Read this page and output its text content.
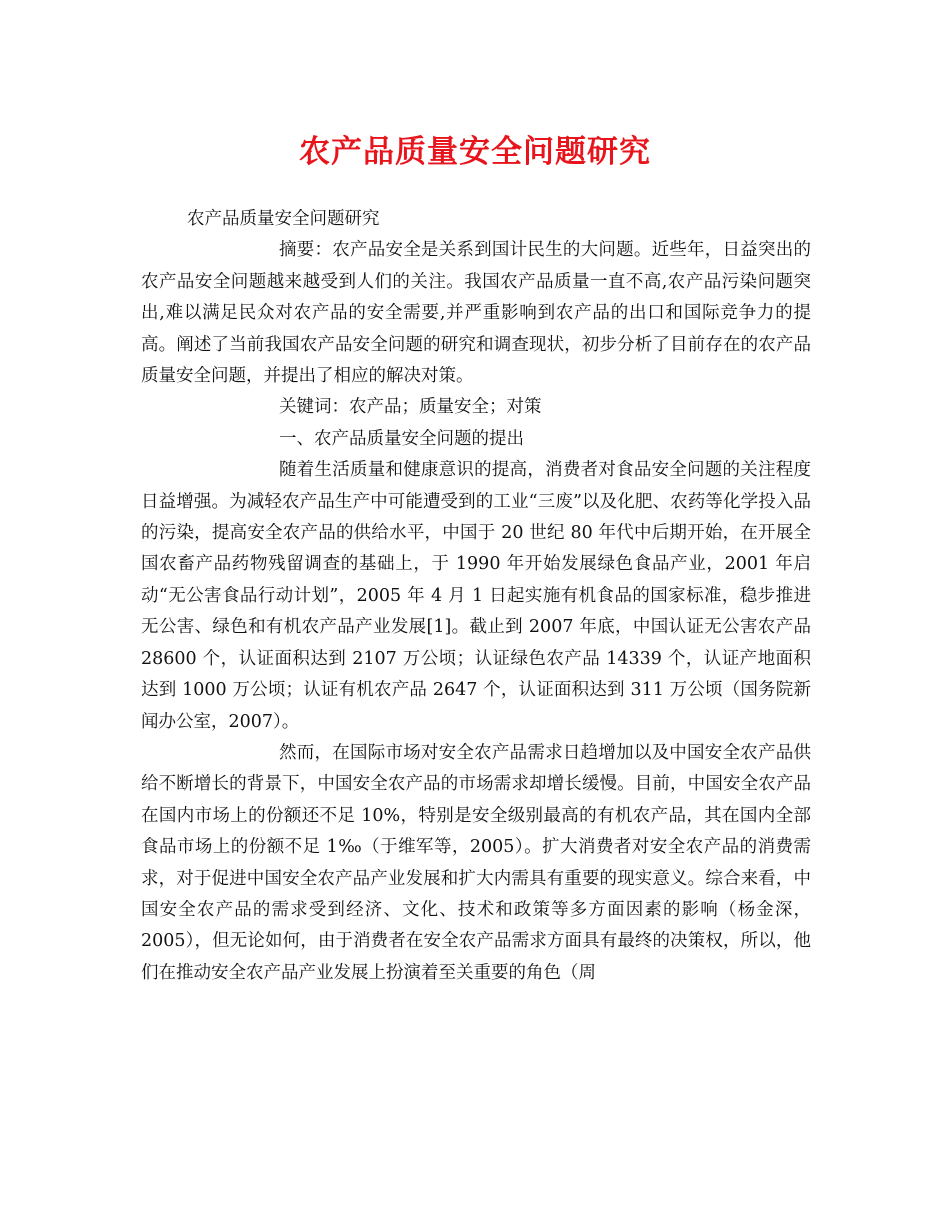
农产品质量安全问题研究

农产品质量安全问题研究

摘要：农产品安全是关系到国计民生的大问题。近些年，日益突出的农产品安全问题越来越受到人们的关注。我国农产品质量一直不高,农产品污染问题突出,难以满足民众对农产品的安全需要,并严重影响到农产品的出口和国际竞争力的提高。阐述了当前我国农产品安全问题的研究和调查现状，初步分析了目前存在的农产品质量安全问题，并提出了相应的解决对策。

关键词：农产品；质量安全；对策

一、农产品质量安全问题的提出

随着生活质量和健康意识的提高，消费者对食品安全问题的关注程度日益增强。为减轻农产品生产中可能遭受到的工业“三废”以及化肥、农药等化学投入品的污染，提高安全农产品的供给水平，中国于 20 世纪 80 年代中后期开始，在开展全国农畜产品药物残留调查的基础上，于 1990 年开始发展绿色食品产业，2001 年启动“无公害食品行动计划”，2005 年 4 月 1 日起实施有机食品的国家标准，稳步推进无公害、绿色和有机农产品产业发展[1]。截止到 2007 年底，中国认证无公害农产品 28600 个，认证面积达到 2107 万公顷；认证绿色农产品 14339 个，认证产地面积达到 1000 万公顷；认证有机农产品 2647 个，认证面积达到 311 万公顷（国务院新闻办公室，2007）。

然而，在国际市场对安全农产品需求日趋增加以及中国安全农产品供给不断增长的背景下，中国安全农产品的市场需求却增长缓慢。目前，中国安全农产品在国内市场上的份额还不足 10%，特别是安全级别最高的有机农产品，其在国内全部食品市场上的份额不足 1‰（于维军等，2005）。扩大消费者对安全农产品的消费需求，对于促进中国安全农产品产业发展和扩大内需具有重要的现实意义。综合来看，中国安全农产品的需求受到经济、文化、技术和政策等多方面因素的影响（杨金深，2005），但无论如何，由于消费者在安全农产品需求方面具有最终的决策权，所以，他们在推动安全农产品产业发展上扮演着至关重要的角色（周
